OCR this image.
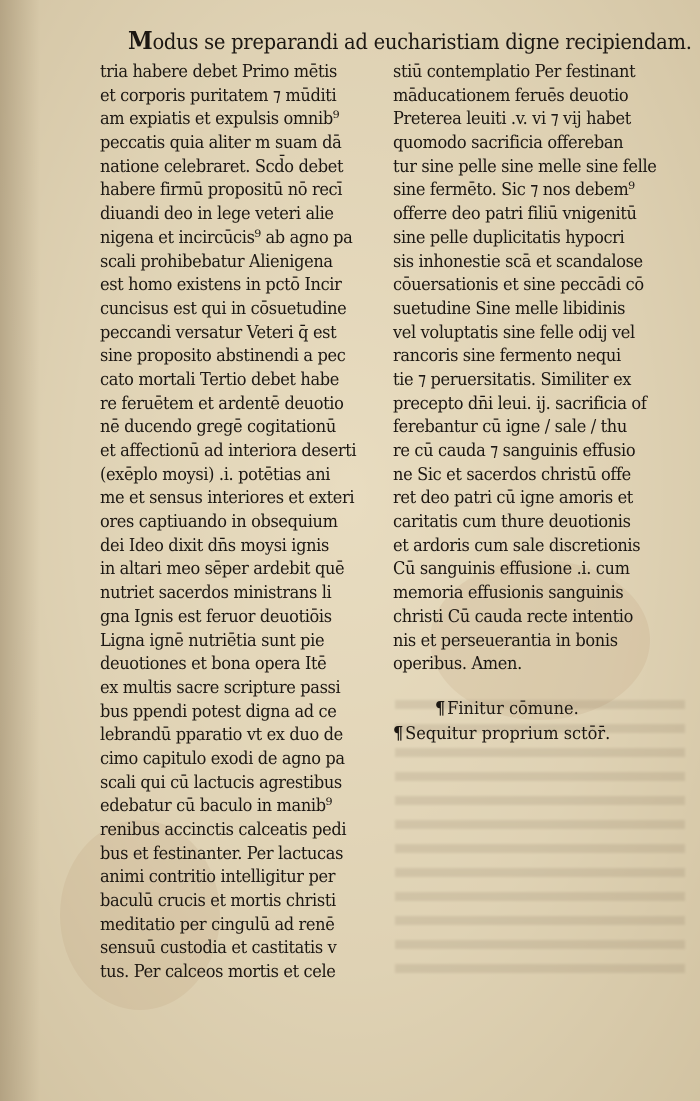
Modus se preparandi ad eucharistiam digne recipiendam.
tria habere debet Primo mētis
et corporis puritatem ⁊ mūditi
am expiatis et expulsis omnib⁹
peccatis quia aliter m suam dā
natione celebraret. Scd̄o debet
habere firmū propositū nō recī
diuandi deo in lege veteri alie
nigena et incircūcis⁹ ab agno pa
scali prohibebatur Alienigena
est homo existens in pctō Incir
cuncisus est qui in cōsuetudine
peccandi versatur Veteri q̄ est
sine proposito abstinendi a pec
cato mortali Tertio debet habe
re feruētem et ardentē deuotio
nē ducendo gregē cogitationū
et affectionū ad interiora deserti
(exēplo moysi) .i. potētias ani
me et sensus interiores et exteri
ores captiuando in obsequium
dei Ideo dixit dn̄s moysi ignis
in altari meo sēper ardebit quē
nutriet sacerdos ministrans li
gna Ignis est feruor deuotiōis
Ligna ignē nutriētia sunt pie
deuotiones et bona opera Itē
ex multis sacre scripture passi
bus ppendi potest digna ad ce
lebrandū pparatio vt ex duo de
cimo capitulo exodi de agno pa
scali qui cū lactucis agrestibus
edebatur cū baculo in manib⁹
renibus accinctis calceatis pedi
bus et festinanter. Per lactucas
animi contritio intelligitur per
baculū crucis et mortis christi
meditatio per cingulū ad renē
sensuū custodia et castitatis v
tus. Per calceos mortis et cele
stiū contemplatio Per festinant
māducationem feruēs deuotio
Preterea leuiti .v. vi ⁊ vij habet
quomodo sacrificia offereban
tur sine pelle sine melle sine felle
sine fermēto. Sic ⁊ nos debem⁹
offerre deo patri filiū vnigenitū
sine pelle duplicitatis hypocri
sis inhonestie scā et scandalose
cōuersationis et sine peccādi cō
suetudine Sine melle libidinis
vel voluptatis sine felle odij vel
rancoris sine fermento nequi
tie ⁊ peruersitatis. Similiter ex
precepto dn̄i leui. ij. sacrificia of
ferebantur cū igne / sale / thu
re cū cauda ⁊ sanguinis effusio
ne Sic et sacerdos christū offe
ret deo patri cū igne amoris et
caritatis cum thure deuotionis
et ardoris cum sale discretionis
Cū sanguinis effusione .i. cum
memoria effusionis sanguinis
christi Cū cauda recte intentio
nis et perseuerantia in bonis
operibus. Amen.
¶ Finitur cōmune.
¶ Sequitur proprium sctōr̄.
